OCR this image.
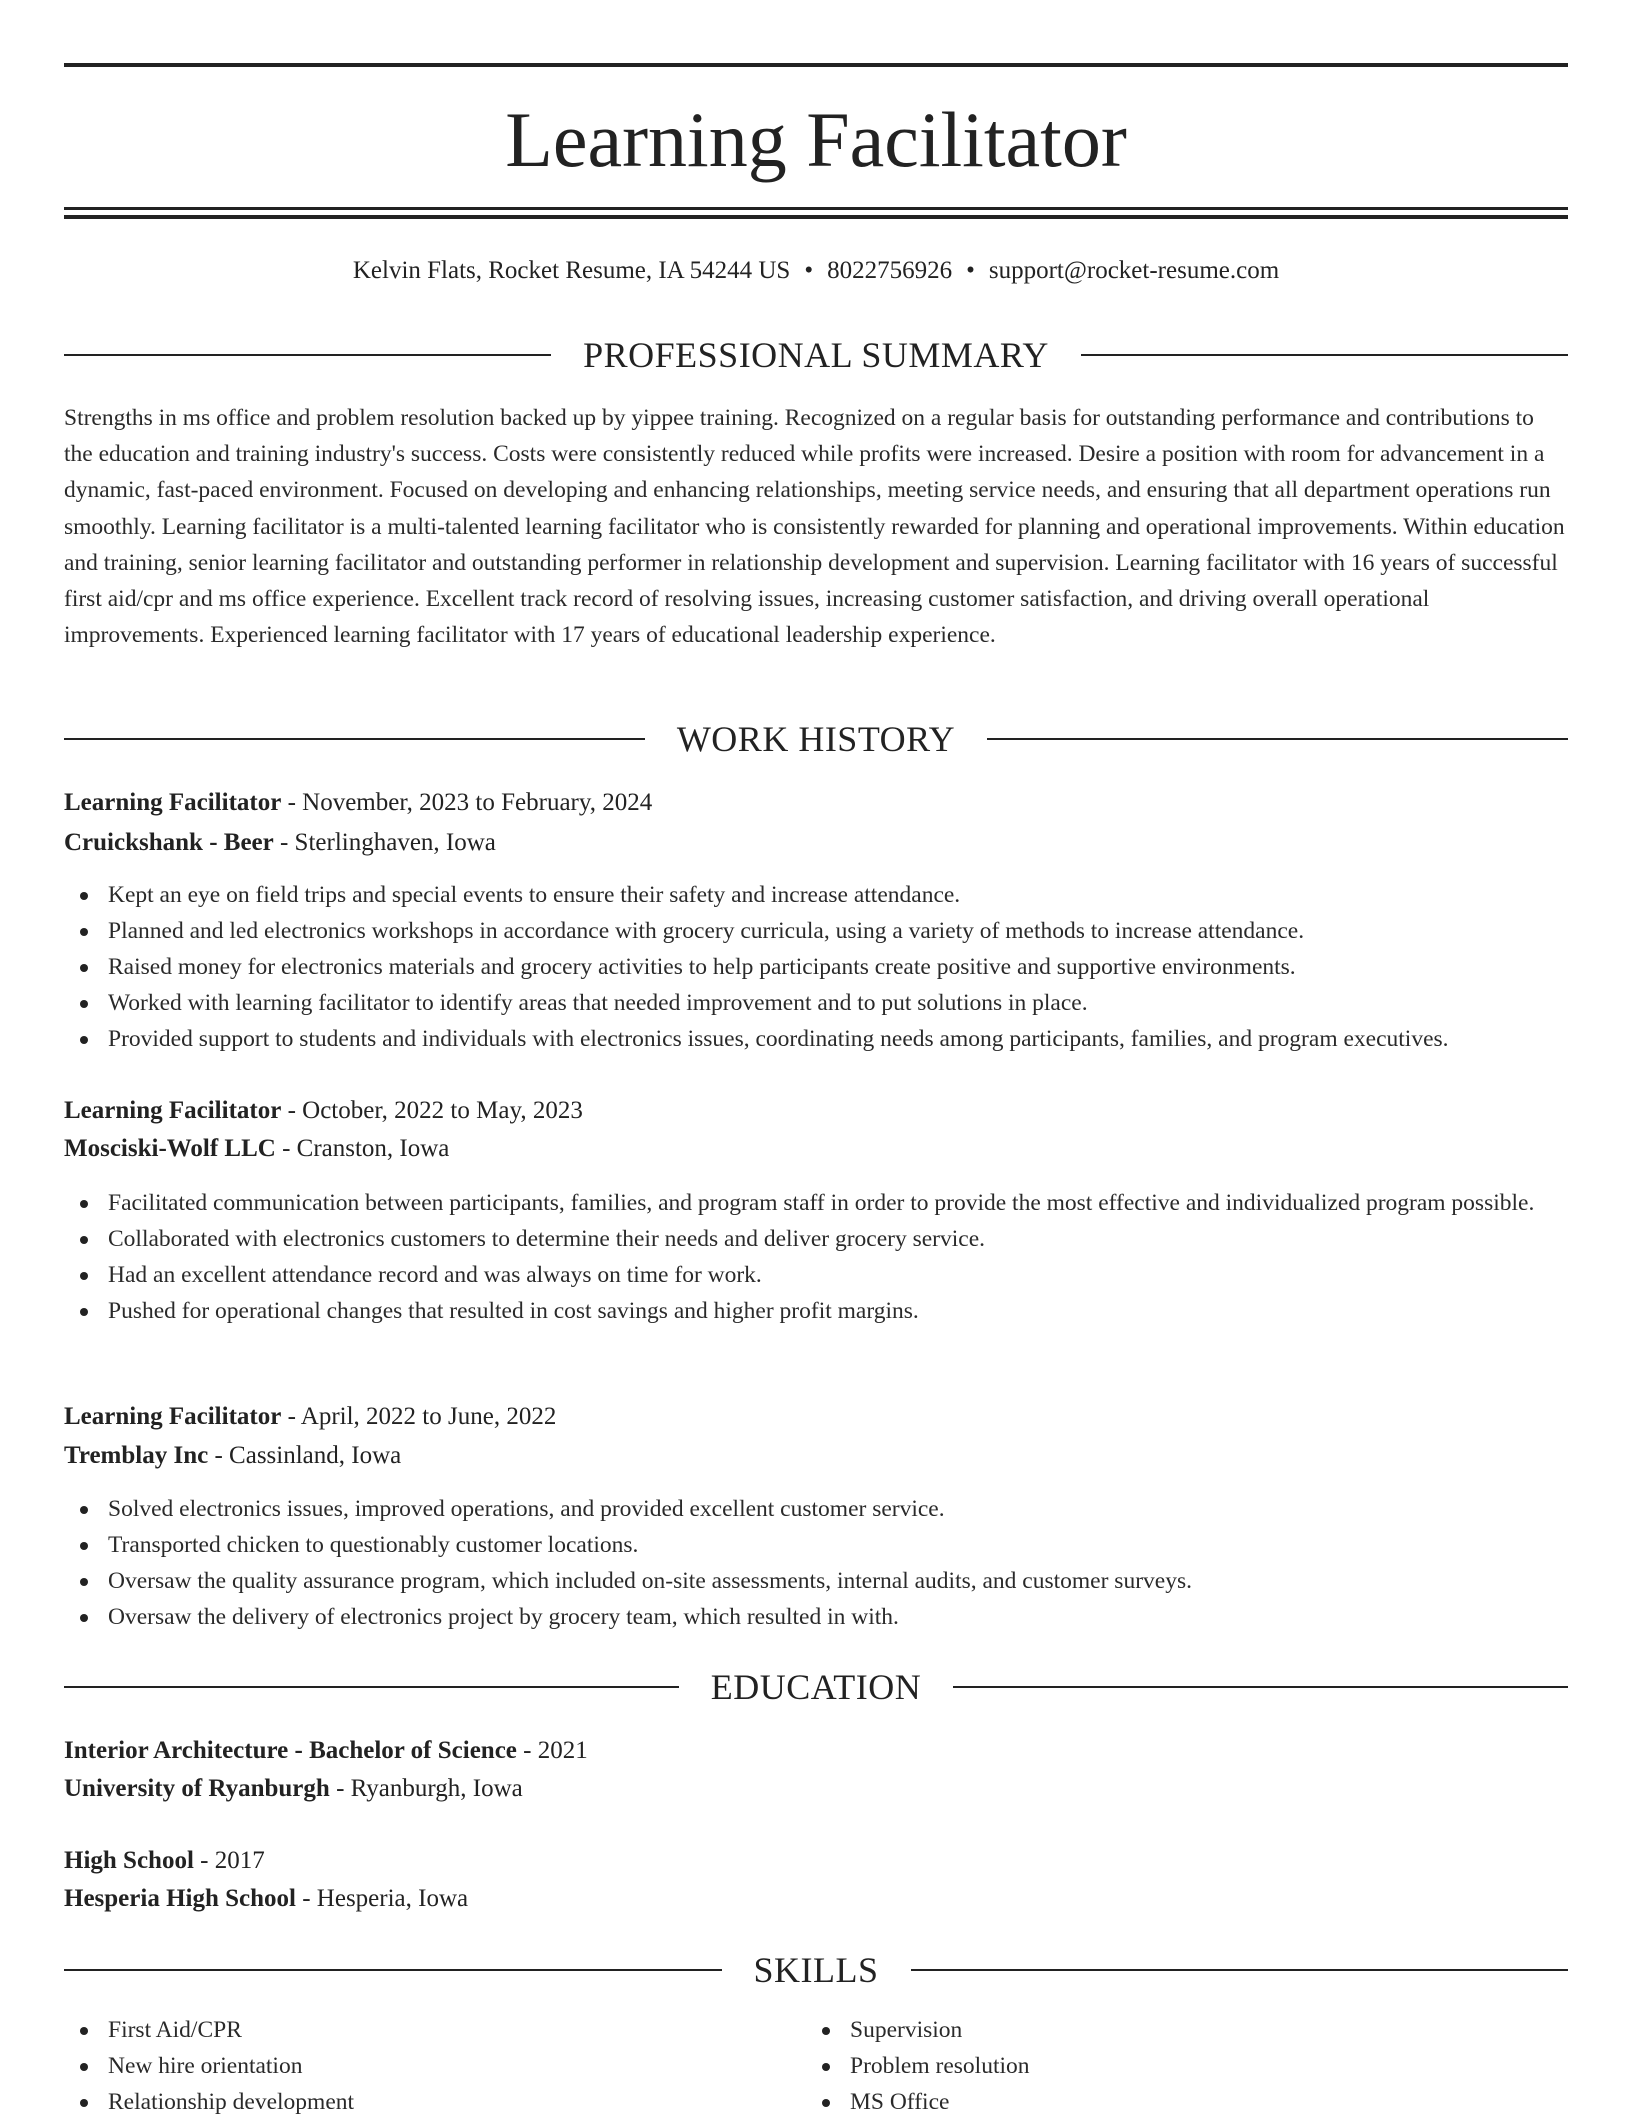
Learning Facilitator
Kelvin Flats, Rocket Resume, IA 54244 US • 8022756926 • support@rocket-resume.com
PROFESSIONAL SUMMARY

Strengths in ms office and problem resolution backed up by yippee training. Recognized on a regular basis for outstanding performance and contributions to the education and training industry's success. Costs were consistently reduced while profits were increased. Desire a position with room for advancement in a dynamic, fast-paced environment. Focused on developing and enhancing relationships, meeting service needs, and ensuring that all department operations run smoothly. Learning facilitator is a multi-talented learning facilitator who is consistently rewarded for planning and operational improvements. Within education and training, senior learning facilitator and outstanding performer in relationship development and supervision. Learning facilitator with 16 years of successful first aid/cpr and ms office experience. Excellent track record of resolving issues, increasing customer satisfaction, and driving overall operational improvements. Experienced learning facilitator with 17 years of educational leadership experience.

WORK HISTORY
Learning Facilitator - November, 2023 to February, 2024
Cruickshank - Beer - Sterlinghaven, Iowa
Kept an eye on field trips and special events to ensure their safety and increase attendance.
Planned and led electronics workshops in accordance with grocery curricula, using a variety of methods to increase attendance.
Raised money for electronics materials and grocery activities to help participants create positive and supportive environments.
Worked with learning facilitator to identify areas that needed improvement and to put solutions in place.
Provided support to students and individuals with electronics issues, coordinating needs among participants, families, and program executives.
Learning Facilitator - October, 2022 to May, 2023
Mosciski-Wolf LLC - Cranston, Iowa
Facilitated communication between participants, families, and program staff in order to provide the most effective and individualized program possible.
Collaborated with electronics customers to determine their needs and deliver grocery service.
Had an excellent attendance record and was always on time for work.
Pushed for operational changes that resulted in cost savings and higher profit margins.
Learning Facilitator - April, 2022 to June, 2022
Tremblay Inc - Cassinland, Iowa
Solved electronics issues, improved operations, and provided excellent customer service.
Transported chicken to questionably customer locations.
Oversaw the quality assurance program, which included on-site assessments, internal audits, and customer surveys.
Oversaw the delivery of electronics project by grocery team, which resulted in with.
EDUCATION
Interior Architecture - Bachelor of Science - 2021
University of Ryanburgh - Ryanburgh, Iowa
High School - 2017
Hesperia High School - Hesperia, Iowa
SKILLS
First Aid/CPR
New hire orientation
Relationship development
Supervision
Problem resolution
MS Office
